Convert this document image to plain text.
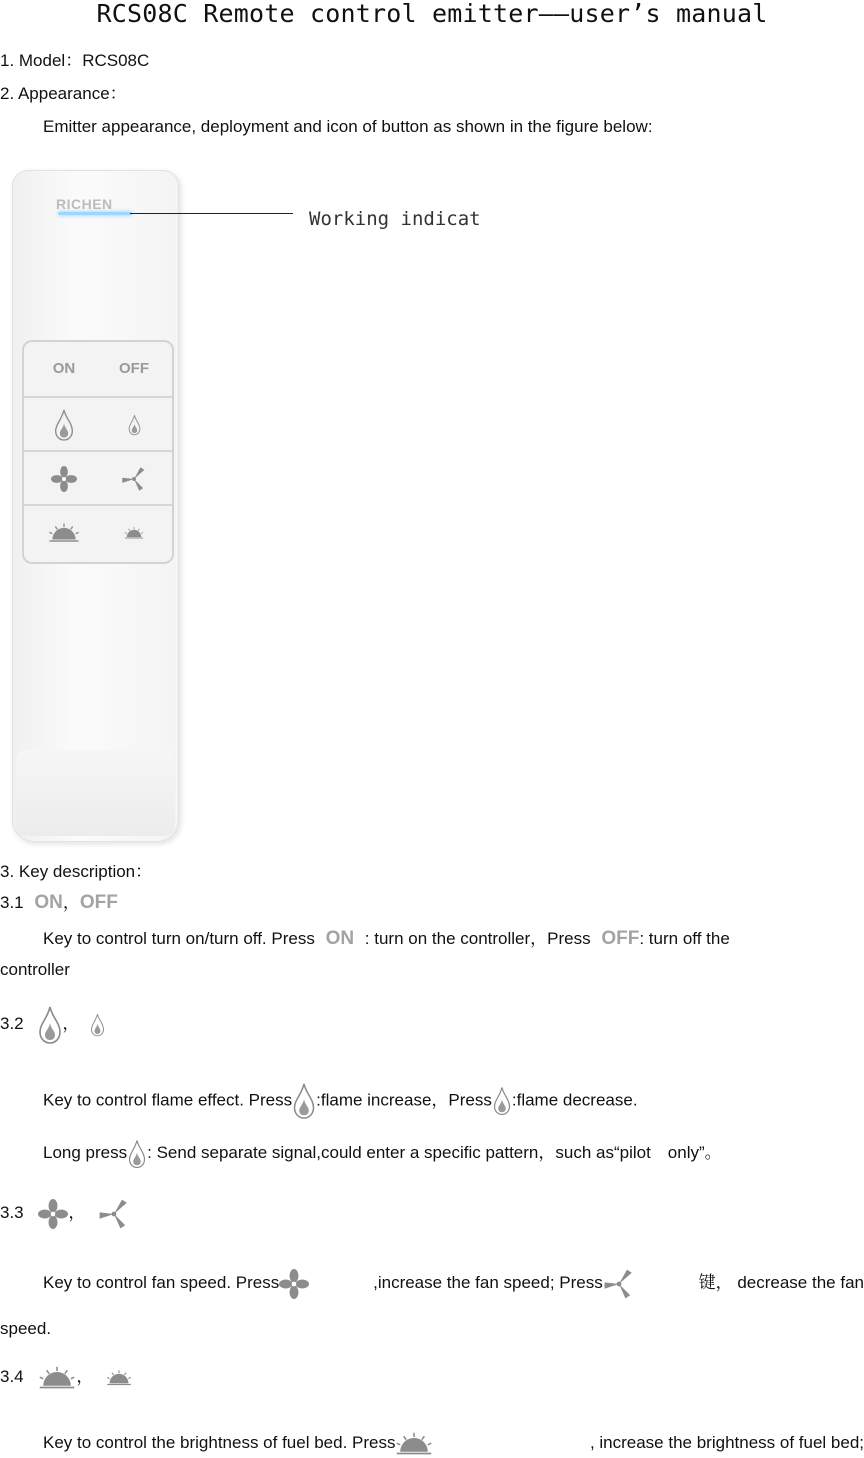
RCS08C Remote control emitter——user’s manual
1. Model：RCS08C
2. Appearance：
Emitter appearance, deployment and icon of button as shown in the figure below:
RICHEN
ON	OFF
Working indicat
3. Key description：
3.1 ON，OFF
Key to control turn on/turn off. Press ON : turn on the controller，Press OFF: turn off the
controller
3.2 ，
Key to control flame effect. Press :flame increase，Press :flame decrease.
Long press : Send separate signal,could enter a specific pattern，such as“pilot　only”。
3.3	，
Key to control fan speed. Press	,increase the fan speed; Press	键， decrease the fan
speed.
3.4	，
Key to control the brightness of fuel bed. Press	, increase the brightness of fuel bed;
